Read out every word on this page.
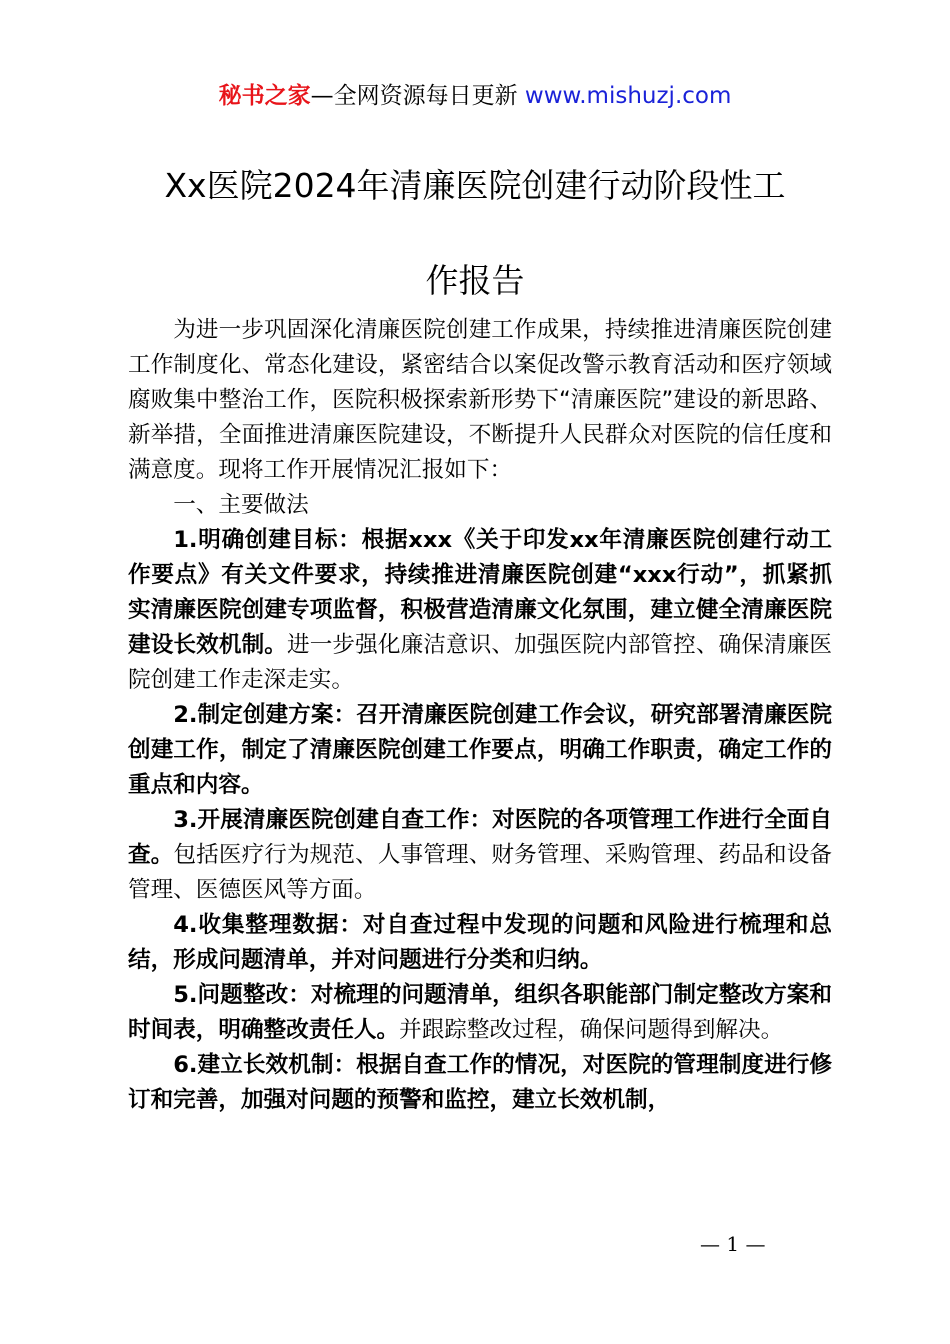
秘书之家—全网资源每日更新 www.mishuzj.com
Xx医院2024年清廉医院创建行动阶段性工
作报告

为进一步巩固深化清廉医院创建工作成果，持续推进清廉医院创建工作制度化、常态化建设，紧密结合以案促改警示教育活动和医疗领域腐败集中整治工作，医院积极探索新形势下“清廉医院”建设的新思路、新举措，全面推进清廉医院建设，不断提升人民群众对医院的信任度和满意度。现将工作开展情况汇报如下：

一、主要做法

1.明确创建目标：根据xxx《关于印发xx年清廉医院创建行动工作要点》有关文件要求，持续推进清廉医院创建“xxx行动”，抓紧抓实清廉医院创建专项监督，积极营造清廉文化氛围，建立健全清廉医院建设长效机制。进一步强化廉洁意识、加强医院内部管控、确保清廉医院创建工作走深走实。

2.制定创建方案：召开清廉医院创建工作会议，研究部署清廉医院创建工作，制定了清廉医院创建工作要点，明确工作职责，确定工作的重点和内容。

3.开展清廉医院创建自查工作：对医院的各项管理工作进行全面自查。包括医疗行为规范、人事管理、财务管理、采购管理、药品和设备管理、医德医风等方面。

4.收集整理数据：对自查过程中发现的问题和风险进行梳理和总结，形成问题清单，并对问题进行分类和归纳。

5.问题整改：对梳理的问题清单，组织各职能部门制定整改方案和时间表，明确整改责任人。并跟踪整改过程，确保问题得到解决。

6.建立长效机制：根据自查工作的情况，对医院的管理制度进行修订和完善，加强对问题的预警和监控，建立长效机制，

— 1 —
